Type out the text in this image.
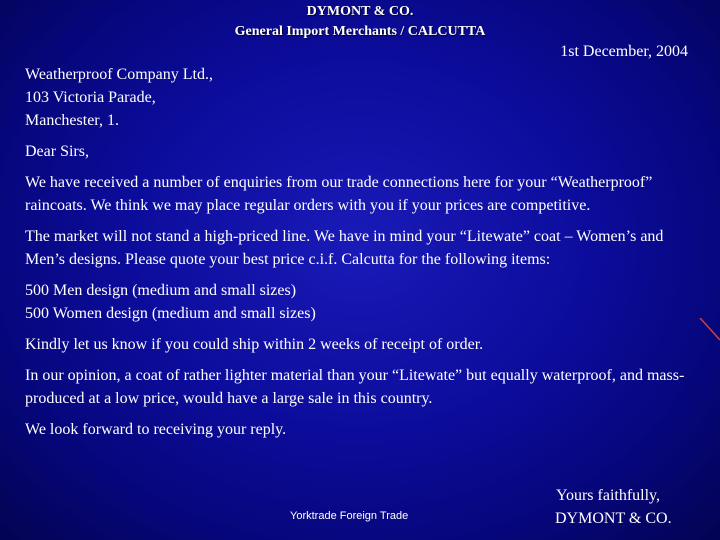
DYMONT & CO.
General Import Merchants / CALCUTTA
1st December, 2004

Weatherproof Company Ltd.,

103 Victoria Parade,

Manchester, 1.

Dear Sirs,

We have received a number of enquiries from our trade connections here for your “Weatherproof” raincoats. We think we may place regular orders with you if your prices are competitive.

The market will not stand a high-priced line. We have in mind your “Litewate” coat – Women’s and Men’s designs. Please quote your best price c.i.f. Calcutta for the following items:

500 Men design (medium and small sizes)

500 Women design (medium and small sizes)

Kindly let us know if you could ship within 2 weeks of receipt of order.

In our opinion, a coat of rather lighter material than your “Litewate” but equally waterproof, and mass-produced at a low price, would have a large sale in this country.

We look forward to receiving your reply.

Yours faithfully,
DYMONT & CO.
Yorktrade Foreign Trade
